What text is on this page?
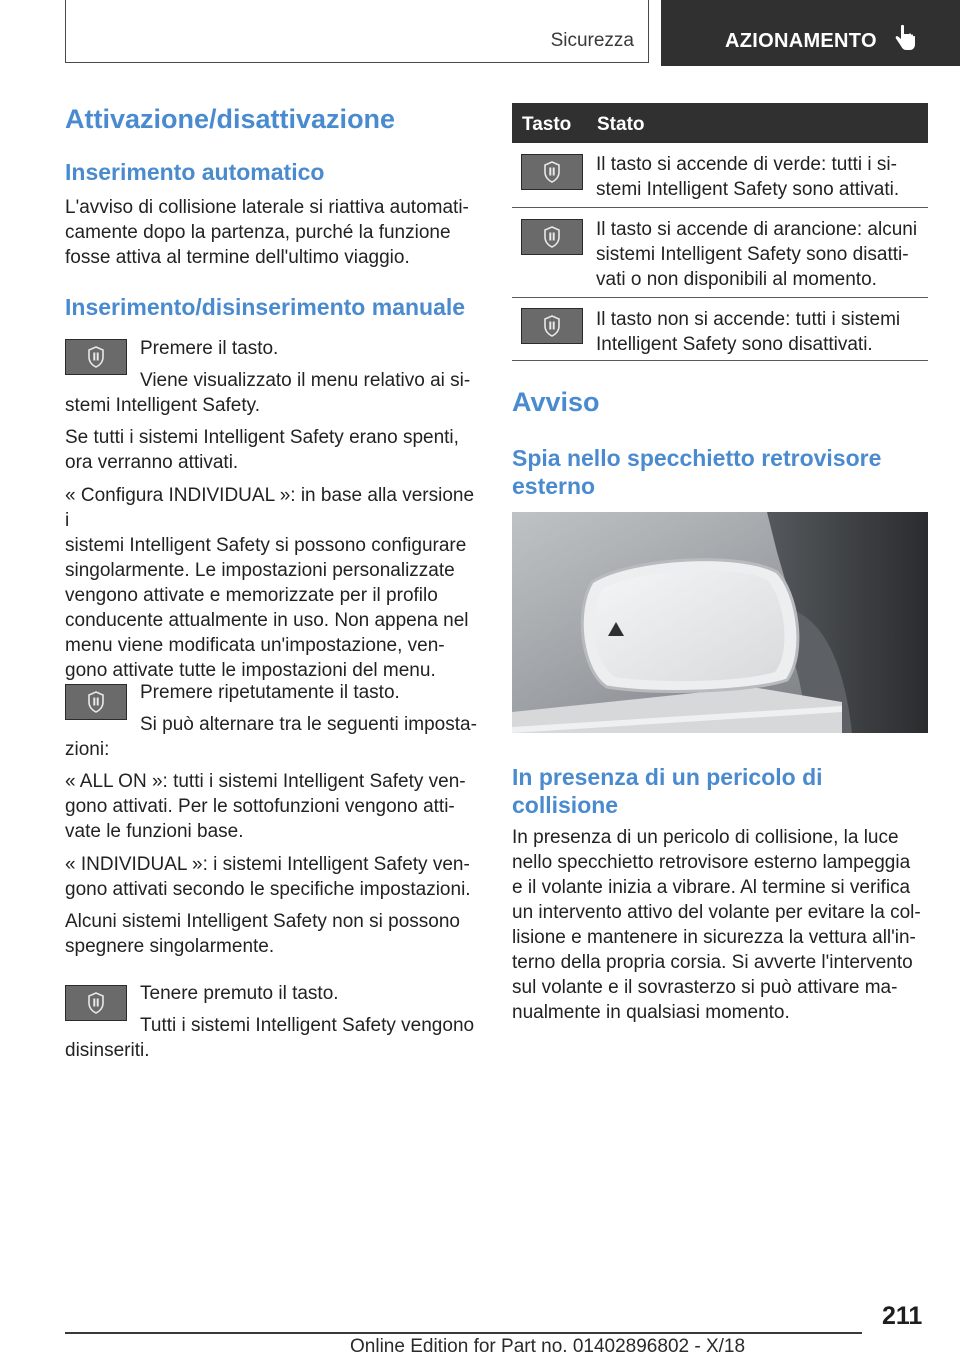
Sicurezza	AZIONAMENTO
Attivazione/disattivazione
Inserimento automatico
L'avviso di collisione laterale si riattiva automati-
camente dopo la partenza, purché la funzione
fosse attiva al termine dell'ultimo viaggio.
Inserimento/disinserimento manuale
Premere il tasto.
Viene visualizzato il menu relativo ai si-
stemi Intelligent Safety.
Se tutti i sistemi Intelligent Safety erano spenti,
ora verranno attivati.
« Configura INDIVIDUAL »: in base alla versione i
sistemi Intelligent Safety si possono configurare
singolarmente. Le impostazioni personalizzate
vengono attivate e memorizzate per il profilo
conducente attualmente in uso. Non appena nel
menu viene modificata un'impostazione, ven-
gono attivate tutte le impostazioni del menu.
Premere ripetutamente il tasto.
Si può alternare tra le seguenti imposta-
zioni:
« ALL ON »: tutti i sistemi Intelligent Safety ven-
gono attivati. Per le sottofunzioni vengono atti-
vate le funzioni base.
« INDIVIDUAL »: i sistemi Intelligent Safety ven-
gono attivati secondo le specifiche impostazioni.
Alcuni sistemi Intelligent Safety non si possono
spegnere singolarmente.
Tenere premuto il tasto.
Tutti i sistemi Intelligent Safety vengono
disinseriti.
Tasto Stato
Il tasto si accende di verde: tutti i si-
stemi Intelligent Safety sono attivati.
Il tasto si accende di arancione: alcuni
sistemi Intelligent Safety sono disatti-
vati o non disponibili al momento.
Il tasto non si accende: tutti i sistemi
Intelligent Safety sono disattivati.
Avviso
Spia nello specchietto retrovisore
esterno
In presenza di un pericolo di
collisione
In presenza di un pericolo di collisione, la luce
nello specchietto retrovisore esterno lampeggia
e il volante inizia a vibrare. Al termine si verifica
un intervento attivo del volante per evitare la col-
lisione e mantenere in sicurezza la vettura all'in-
terno della propria corsia. Si avverte l'intervento
sul volante e il sovrasterzo si può attivare ma-
nualmente in qualsiasi momento.
211
Online Edition for Part no. 01402896802 - X/18
